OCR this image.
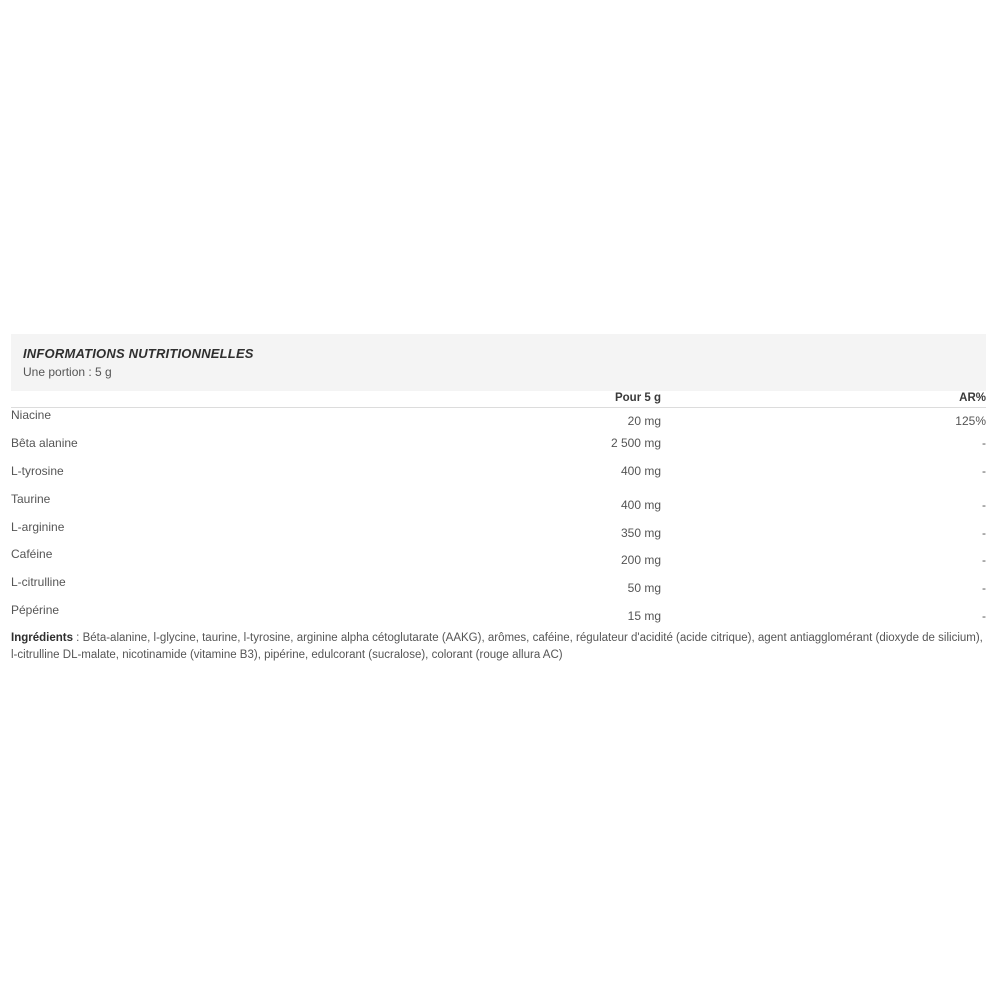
INFORMATIONS NUTRITIONNELLES
Une portion : 5 g
Pour 5 g	AR%
Niacine	20 mg	125%
Bêta alanine	2 500 mg	-
L-tyrosine	400 mg	-
Taurine	400 mg	-
L-arginine	350 mg	-
Caféine	200 mg	-
L-citrulline	50 mg	-
Pépérine	15 mg	-
Ingrédients : Béta-alanine, l-glycine, taurine, l-tyrosine, arginine alpha cétoglutarate (AAKG), arômes, caféine, régulateur d'acidité (acide citrique), agent antiagglomérant (dioxyde de silicium), l-citrulline DL-malate, nicotinamide (vitamine B3), pipérine, edulcorant (sucralose), colorant (rouge allura AC)
